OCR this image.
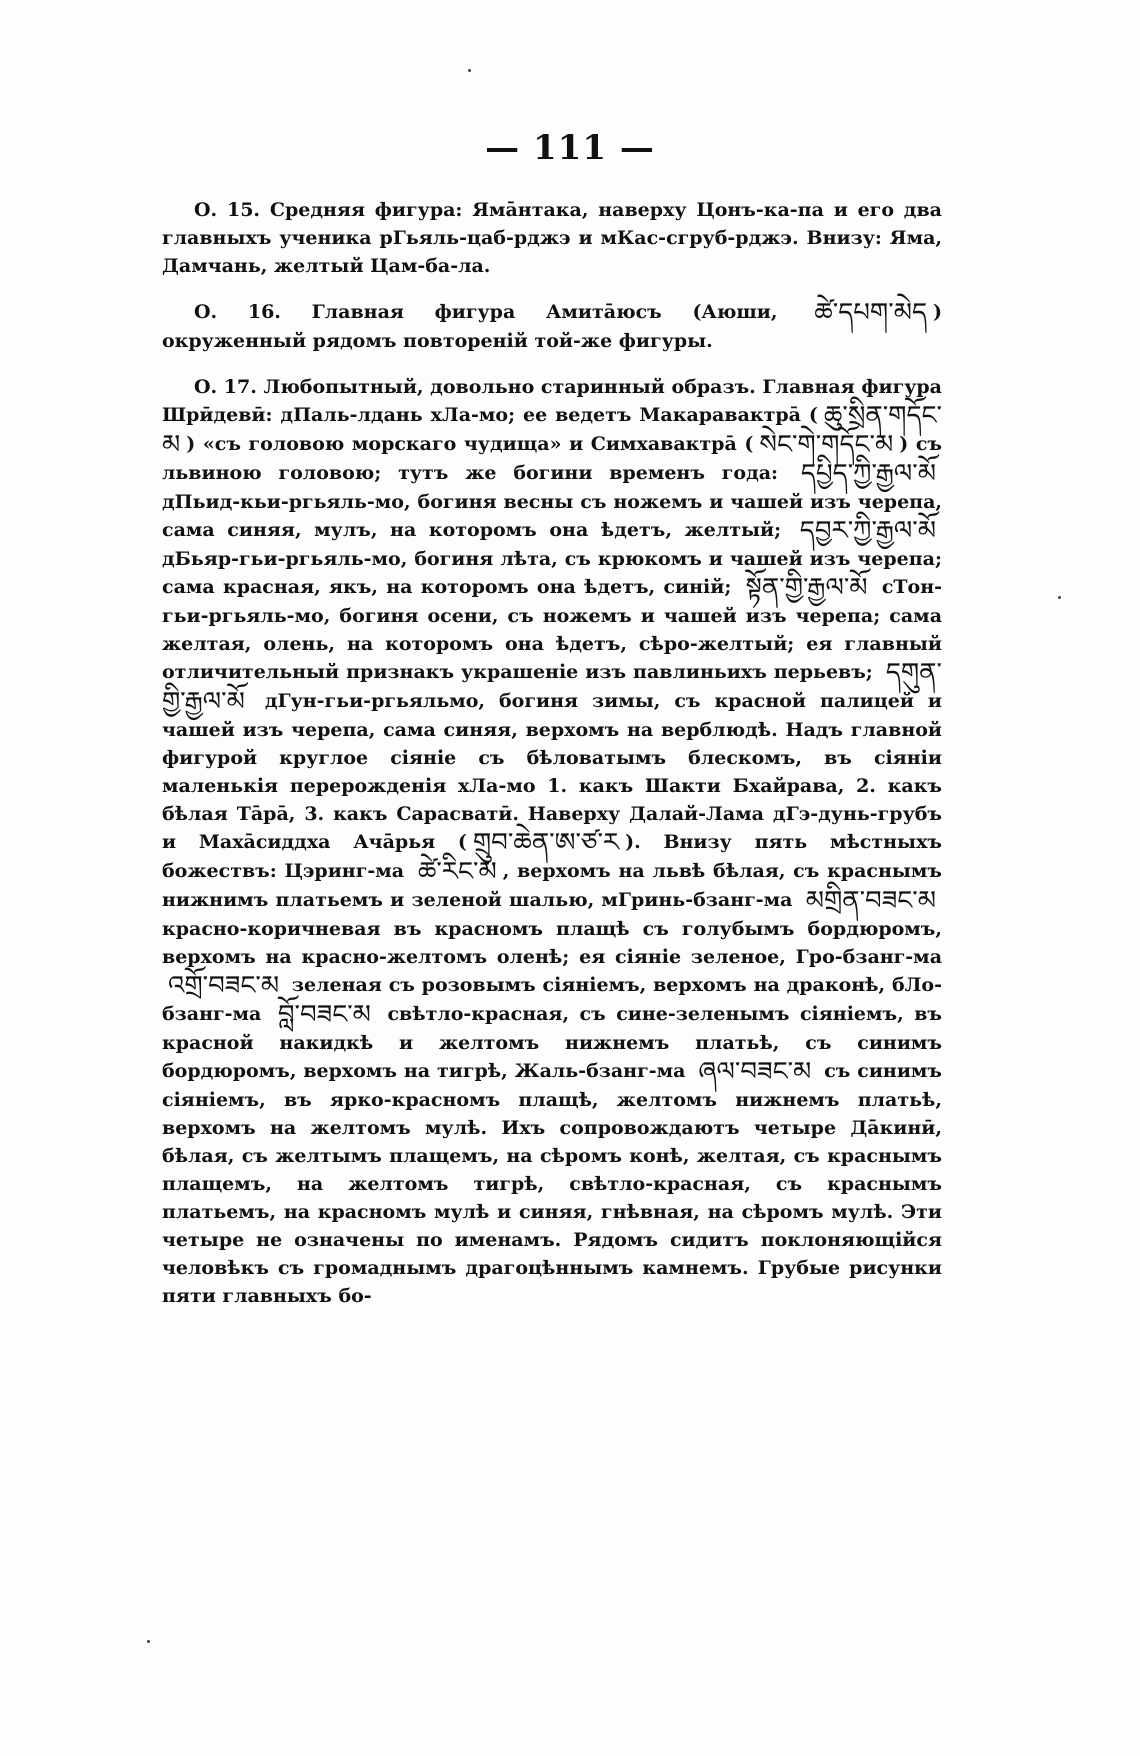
— 111 —

О. 15. Средняя фигура: Ямāнтака, наверху Цонъ-ка-па и его два главныхъ ученика рГьяль-цаб-рджэ и мКас-сгруб-рджэ. Внизу: Яма, Дамчань, желтый Цам-ба-ла.

О. 16. Главная фигура Амитāюсъ (Аюши, ཚེ་དཔག་མེད ) окруженный рядомъ повтореній той-же фигуры.

О. 17. Любопытный, довольно старинный образъ. Главная фигура Шрӣдевӣ: дПаль-лдань хЛа-мо; ее ведетъ Макаравактрā ( ཆུ་སྲིན་གདོང་མ ) «съ головою морскаго чудища» и Симхавактрā ( སེང་གེ་གདོང་མ ) съ львиною головою; тутъ же богини временъ года: དཔྱིད་ཀྱི་རྒྱལ་མོ дПьид-кьи-ргьяль-мо, богиня весны съ ножемъ и чашей изъ черепа, сама синяя, мулъ, на которомъ она ѣдетъ, желтый; དབྱར་ཀྱི་རྒྱལ་མོ дБьяр-гьи-ргьяль-мо, богиня лѣта, съ крюкомъ и чашей изъ черепа; сама красная, якъ, на которомъ она ѣдетъ, синій; སྟོན་གྱི་རྒྱལ་མོ сТон-гьи-ргьяль-мо, богиня осени, съ ножемъ и чашей изъ черепа; сама желтая, олень, на которомъ она ѣдетъ, сѣро-желтый; ея главный отличительный признакъ украшеніе изъ павлиньихъ перьевъ; དགུན་གྱི་རྒྱལ་མོ дГун-гьи-ргьяльмо, богиня зимы, съ красной палицей и чашей изъ черепа, сама синяя, верхомъ на верблюдѣ. Надъ главной фигурой круглое сіяніе съ бѣловатымъ блескомъ, въ сіяніи маленькія перерожденія хЛа-мо 1. какъ Шакти Бхайрава, 2. какъ бѣлая Тāрā, 3. какъ Сарасватӣ. Наверху Далай-Лама дГэ-дунь-грубъ и Махāсиддха Ачāрья ( གྲུབ་ཆེན་ཨ་ཙ་ར ). Внизу пять мѣстныхъ божествъ: Цэринг-ма ཚེ་རིང་མ , верхомъ на львѣ бѣлая, съ краснымъ нижнимъ платьемъ и зеленой шалью, мГринь-бзанг-ма མགྲིན་བཟང་མ красно-коричневая въ красномъ плащѣ съ голубымъ бордюромъ, верхомъ на красно-желтомъ оленѣ; ея сіяніе зеленое, Гро-бзанг-ма འགྲོ་བཟང་མ зеленая съ розовымъ сіяніемъ, верхомъ на драконѣ, бЛо-бзанг-ма བློ་བཟང་མ свѣтло-красная, съ сине-зеленымъ сіяніемъ, въ красной накидкѣ и желтомъ нижнемъ платьѣ, съ синимъ бордюромъ, верхомъ на тигрѣ, Жаль-бзанг-ма ཞལ་བཟང་མ съ синимъ сіяніемъ, въ ярко-красномъ плащѣ, желтомъ нижнемъ платьѣ, верхомъ на желтомъ мулѣ. Ихъ сопровождаютъ четыре Дāкинӣ, бѣлая, съ желтымъ плащемъ, на сѣромъ конѣ, желтая, съ краснымъ плащемъ, на желтомъ тигрѣ, свѣтло-красная, съ краснымъ платьемъ, на красномъ мулѣ и синяя, гнѣвная, на сѣромъ мулѣ. Эти четыре не означены по именамъ. Рядомъ сидитъ поклоняющійся человѣкъ съ громаднымъ драгоцѣннымъ камнемъ. Грубые рисунки пяти главныхъ бо-
